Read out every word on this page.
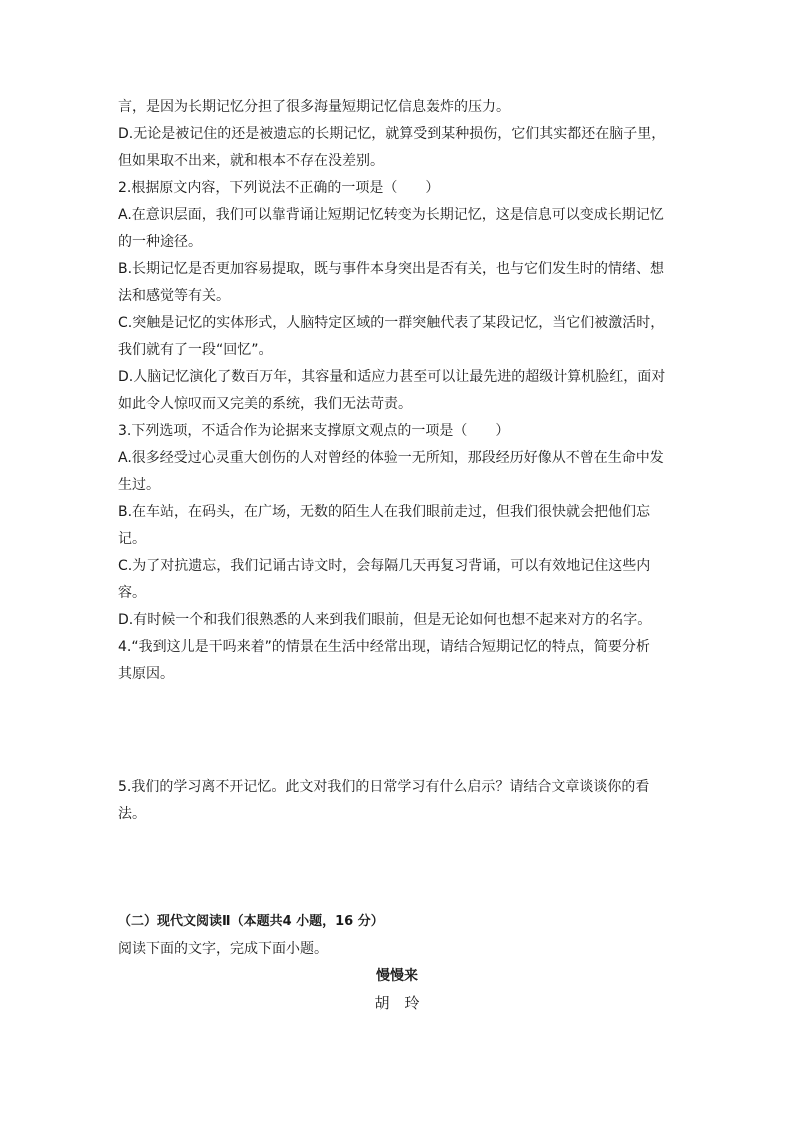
言，是因为长期记忆分担了很多海量短期记忆信息轰炸的压力。
D.无论是被记住的还是被遗忘的长期记忆，就算受到某种损伤，它们其实都还在脑子里，
但如果取不出来，就和根本不存在没差别。
2.根据原文内容，下列说法不正确的一项是（　　）
A.在意识层面，我们可以靠背诵让短期记忆转变为长期记忆，这是信息可以变成长期记忆
的一种途径。
B.长期记忆是否更加容易提取，既与事件本身突出是否有关，也与它们发生时的情绪、想
法和感觉等有关。
C.突触是记忆的实体形式，人脑特定区域的一群突触代表了某段记忆，当它们被激活时，
我们就有了一段“回忆”。
D.人脑记忆演化了数百万年，其容量和适应力甚至可以让最先进的超级计算机脸红，面对
如此令人惊叹而又完美的系统，我们无法苛责。
3.下列选项，不适合作为论据来支撑原文观点的一项是（　　）
A.很多经受过心灵重大创伤的人对曾经的体验一无所知，那段经历好像从不曾在生命中发
生过。
B.在车站，在码头，在广场，无数的陌生人在我们眼前走过，但我们很快就会把他们忘
记。
C.为了对抗遗忘，我们记诵古诗文时，会每隔几天再复习背诵，可以有效地记住这些内
容。
D.有时候一个和我们很熟悉的人来到我们眼前，但是无论如何也想不起来对方的名字。
4.“我到这儿是干吗来着”的情景在生活中经常出现，请结合短期记忆的特点，简要分析
其原因。
5.我们的学习离不开记忆。此文对我们的日常学习有什么启示？请结合文章谈谈你的看
法。
（二）现代文阅读Ⅱ（本题共4 小题，16 分）
阅读下面的文字，完成下面小题。
慢慢来
胡　玲
